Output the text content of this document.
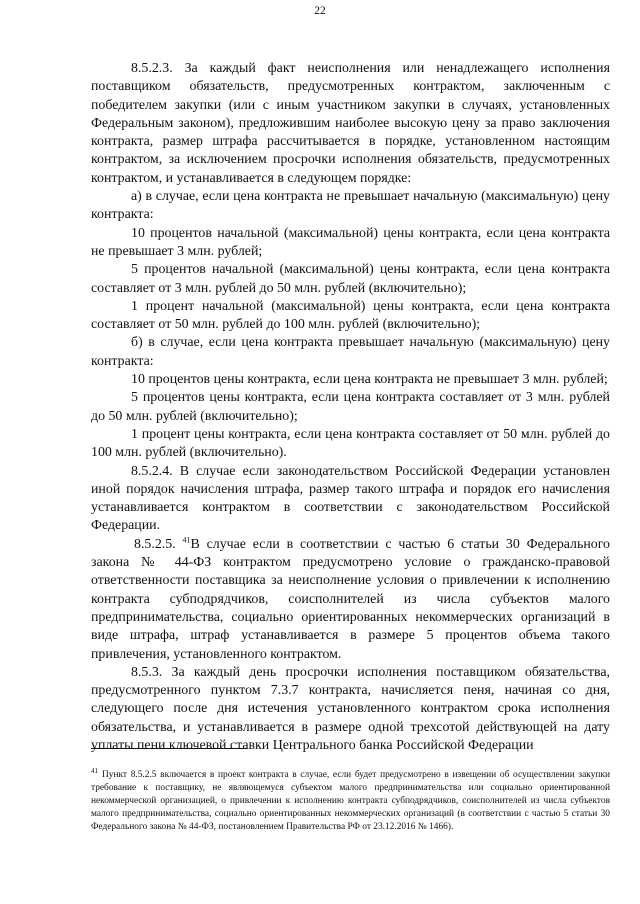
22

8.5.2.3. За каждый факт неисполнения или ненадлежащего исполнения поставщиком обязательств, предусмотренных контрактом, заключенным с победителем закупки (или с иным участником закупки в случаях, установленных Федеральным законом), предложившим наиболее высокую цену за право заключения контракта, размер штрафа рассчитывается в порядке, установленном настоящим контрактом, за исключением просрочки исполнения обязательств, предусмотренных контрактом, и устанавливается в следующем порядке:

а) в случае, если цена контракта не превышает начальную (максимальную) цену контракта:

10 процентов начальной (максимальной) цены контракта, если цена контракта не превышает 3 млн. рублей;

5 процентов начальной (максимальной) цены контракта, если цена контракта составляет от 3 млн. рублей до 50 млн. рублей (включительно);

1 процент начальной (максимальной) цены контракта, если цена контракта составляет от 50 млн. рублей до 100 млн. рублей (включительно);

б) в случае, если цена контракта превышает начальную (максимальную) цену контракта:

10 процентов цены контракта, если цена контракта не превышает 3 млн. рублей;

5 процентов цены контракта, если цена контракта составляет от 3 млн. рублей до 50 млн. рублей (включительно);

1 процент цены контракта, если цена контракта составляет от 50 млн. рублей до 100 млн. рублей (включительно).

8.5.2.4. В случае если законодательством Российской Федерации установлен иной порядок начисления штрафа, размер такого штрафа и порядок его начисления устанавливается контрактом в соответствии с законодательством Российской Федерации.

8.5.2.5. $^{41}$В случае если в соответствии с частью 6 статьи 30 Федерального закона № 44-ФЗ контрактом предусмотрено условие о гражданско-правовой ответственности поставщика за неисполнение условия о привлечении к исполнению контракта субподрядчиков, соисполнителей из числа субъектов малого предпринимательства, социально ориентированных некоммерческих организаций в виде штрафа, штраф устанавливается в размере 5 процентов объема такого привлечения, установленного контрактом.

8.5.3. За каждый день просрочки исполнения поставщиком обязательства, предусмотренного пунктом 7.3.7 контракта, начисляется пеня, начиная со дня, следующего после дня истечения установленного контрактом срока исполнения обязательства, и устанавливается в размере одной трехсотой действующей на дату уплаты пени ключевой ставки Центрального банка Российской Федерации

$^{41}$ Пункт 8.5.2.5 включается в проект контракта в случае, если будет предусмотрено в извещении об осуществлении закупки требование к поставщику, не являющемуся субъектом малого предпринимательства или социально ориентированной некоммерческой организацией, о привлечении к исполнению контракта субподрядчиков, соисполнителей из числа субъектов малого предпринимательства, социально ориентированных некоммерческих организаций (в соответствии с частью 5 статьи 30 Федерального закона № 44-ФЗ, постановлением Правительства РФ от 23.12.2016 № 1466).
